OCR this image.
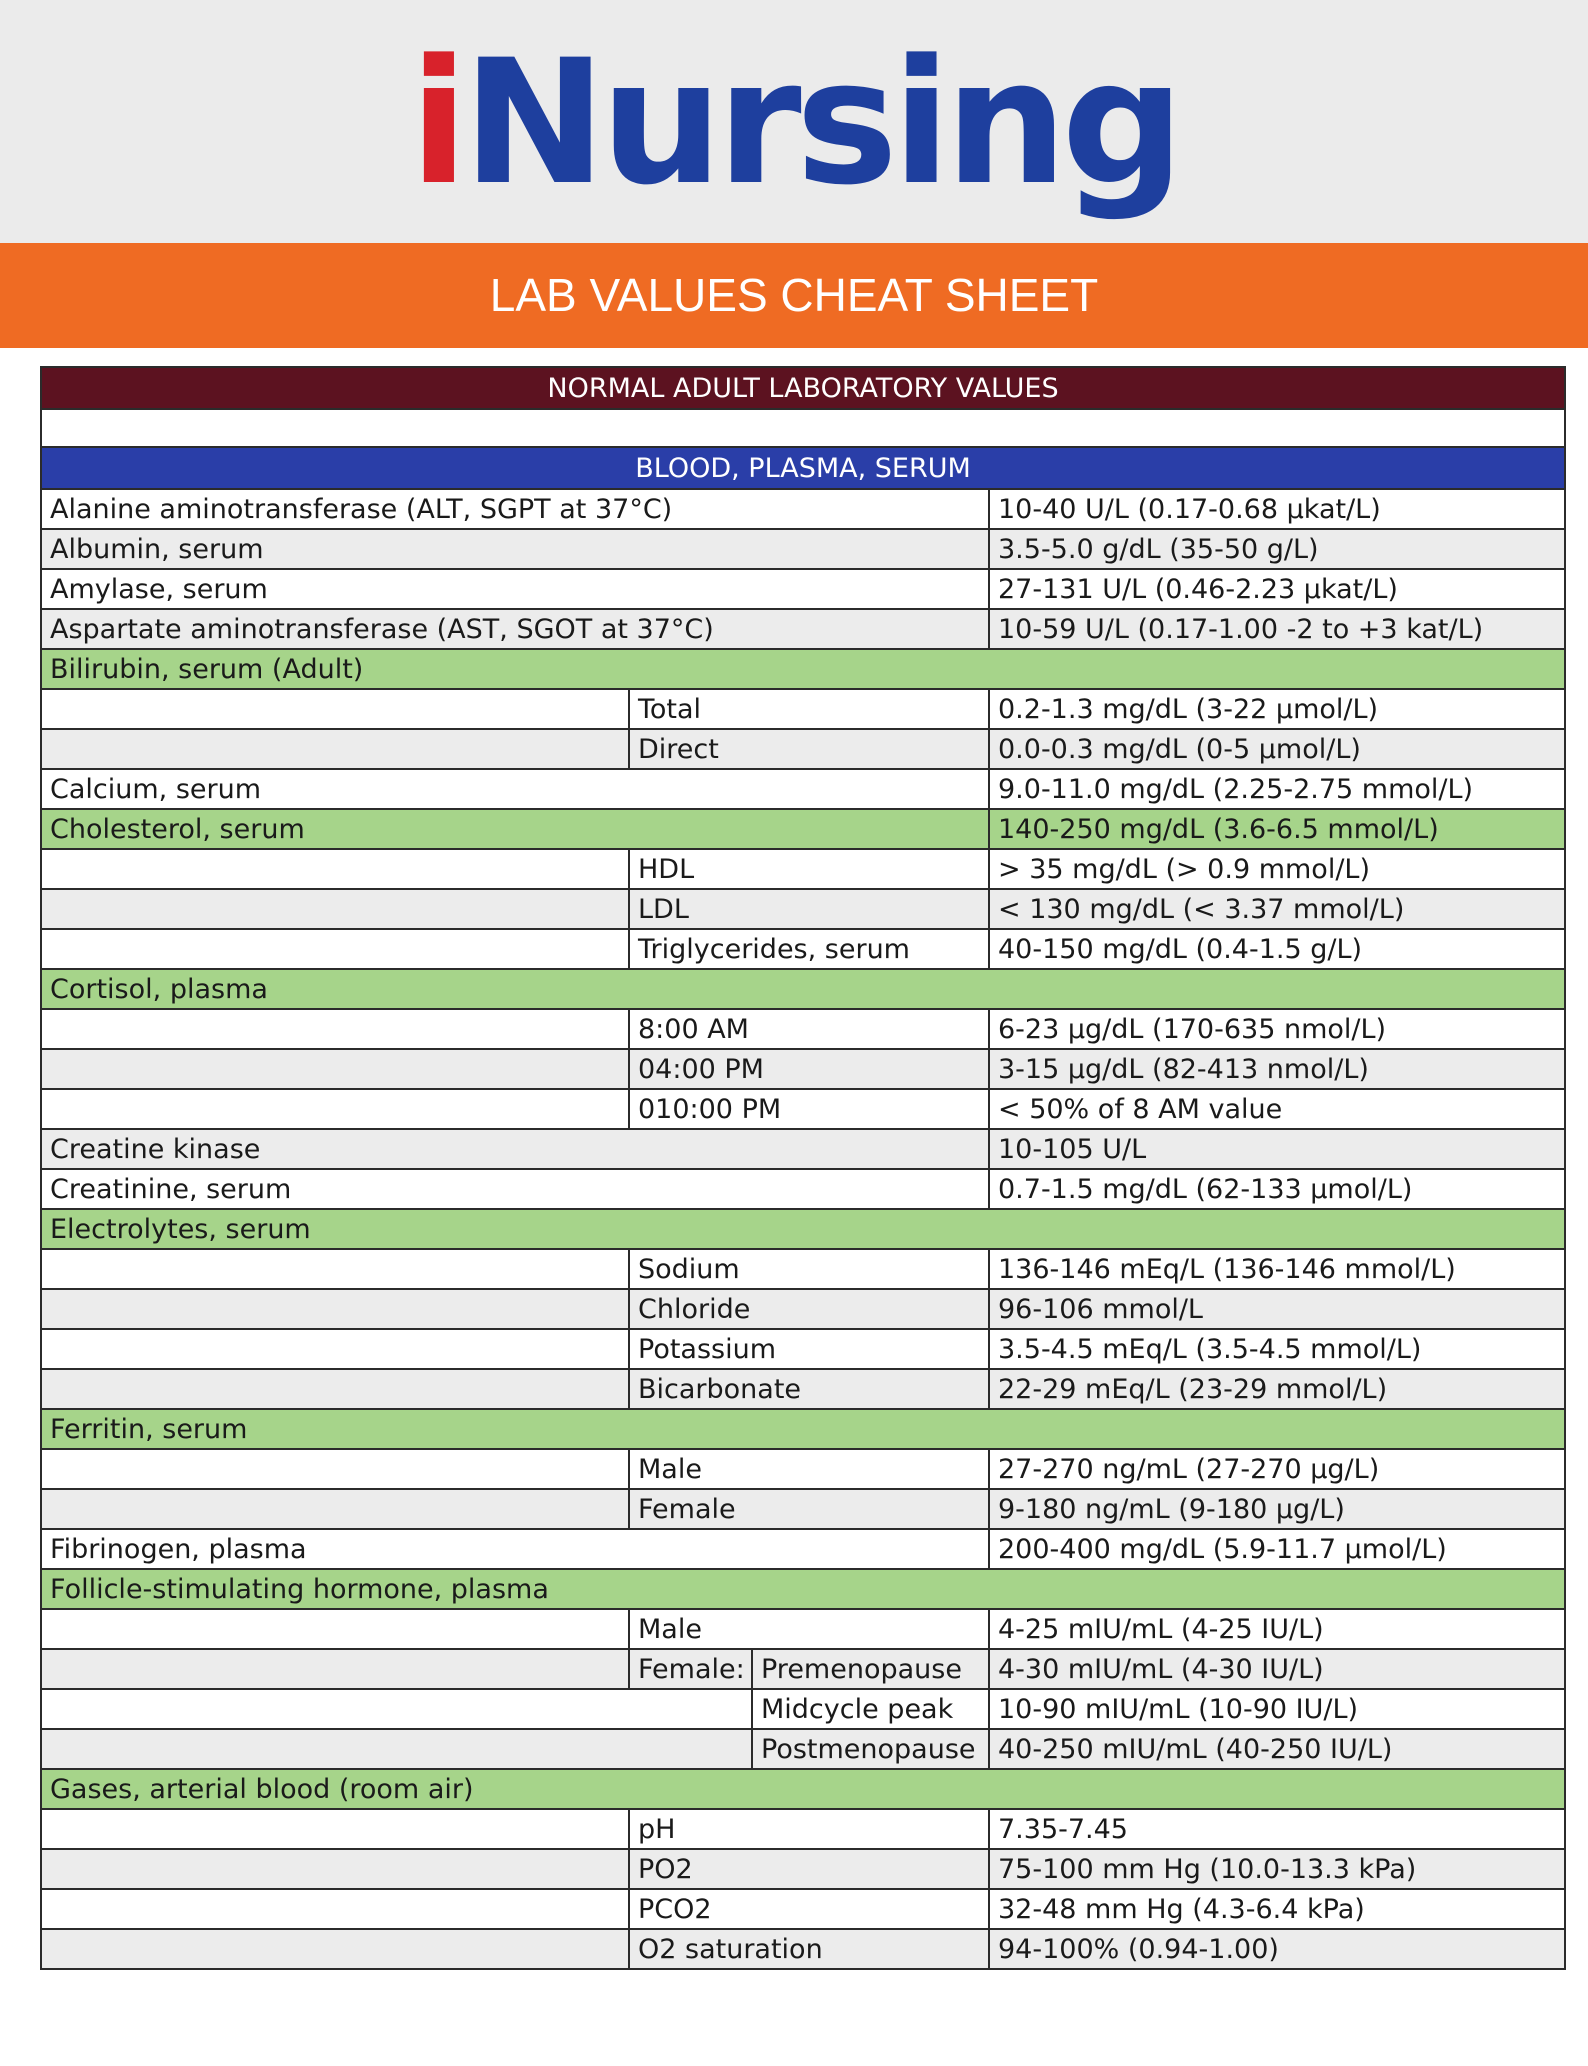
iNursing
LAB VALUES CHEAT SHEET
NORMAL ADULT LABORATORY VALUES			

BLOOD, PLASMA, SERUM			
Alanine aminotransferase (ALT, SGPT at 37°C)			10-40 U/L (0.17-0.68 μkat/L)
Albumin, serum			3.5-5.0 g/dL (35-50 g/L)
Amylase, serum			27-131 U/L (0.46-2.23 μkat/L)
Aspartate aminotransferase (AST, SGOT at 37°C)			10-59 U/L (0.17-1.00 -2 to +3 kat/L)
Bilirubin, serum (Adult)			
	Total		0.2-1.3 mg/dL (3-22 μmol/L)
	Direct		0.0-0.3 mg/dL (0-5 μmol/L)
Calcium, serum			9.0-11.0 mg/dL (2.25-2.75 mmol/L)
Cholesterol, serum			140-250 mg/dL (3.6-6.5 mmol/L)
	HDL		> 35 mg/dL (> 0.9 mmol/L)
	LDL		< 130 mg/dL (< 3.37 mmol/L)
	Triglycerides, serum		40-150 mg/dL (0.4-1.5 g/L)
Cortisol, plasma			
	8:00 AM		6-23 μg/dL (170-635 nmol/L)
	04:00 PM		3-15 μg/dL (82-413 nmol/L)
	010:00 PM		< 50% of 8 AM value
Creatine kinase			10-105 U/L
Creatinine, serum			0.7-1.5 mg/dL (62-133 μmol/L)
Electrolytes, serum			
	Sodium		136-146 mEq/L (136-146 mmol/L)
	Chloride		96-106 mmol/L
	Potassium		3.5-4.5 mEq/L (3.5-4.5 mmol/L)
	Bicarbonate		22-29 mEq/L (23-29 mmol/L)
Ferritin, serum			
	Male		27-270 ng/mL (27-270 μg/L)
	Female		9-180 ng/mL (9-180 μg/L)
Fibrinogen, plasma			200-400 mg/dL (5.9-11.7 μmol/L)
Follicle-stimulating hormone, plasma			
	Male		4-25 mIU/mL (4-25 IU/L)
	Female:	Premenopause	4-30 mIU/mL (4-30 IU/L)
		Midcycle peak	10-90 mIU/mL (10-90 IU/L)
		Postmenopause	40-250 mIU/mL (40-250 IU/L)
Gases, arterial blood (room air)			
	pH		7.35-7.45
	PO2		75-100 mm Hg (10.0-13.3 kPa)
	PCO2		32-48 mm Hg (4.3-6.4 kPa)
	O2 saturation		94-100% (0.94-1.00)
